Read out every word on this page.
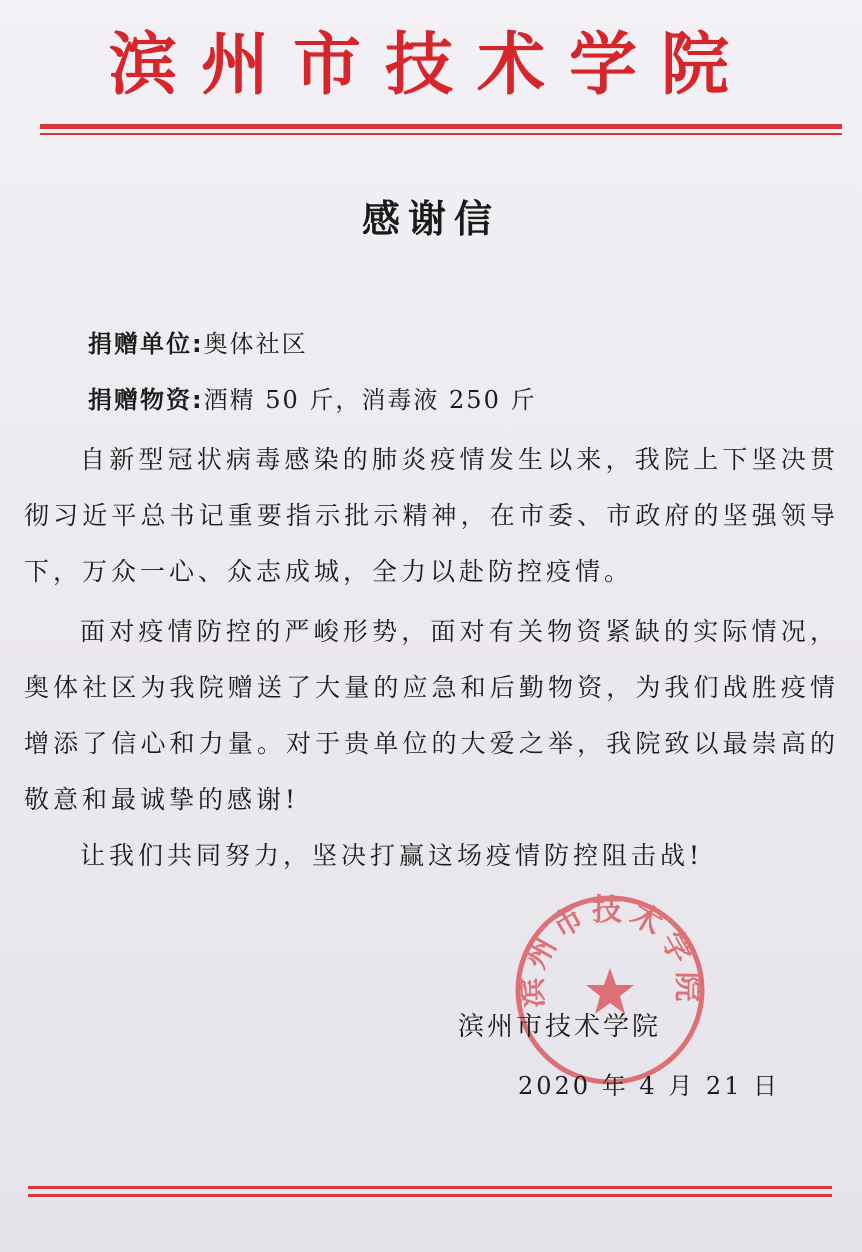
滨州市技术学院
感谢信
捐赠单位:奥体社区
捐赠物资:酒精 50 斤，消毒液 250 斤

自新型冠状病毒感染的肺炎疫情发生以来，我院上下坚决贯彻习近平总书记重要指示批示精神，在市委、市政府的坚强领导下，万众一心、众志成城，全力以赴防控疫情。

面对疫情防控的严峻形势，面对有关物资紧缺的实际情况，奥体社区为我院赠送了大量的应急和后勤物资，为我们战胜疫情增添了信心和力量。对于贵单位的大爱之举，我院致以最崇高的敬意和最诚挚的感谢!

让我们共同努力，坚决打赢这场疫情防控阻击战!

滨州市技术学院
滨州市技术学院
2020 年 4 月 21 日
